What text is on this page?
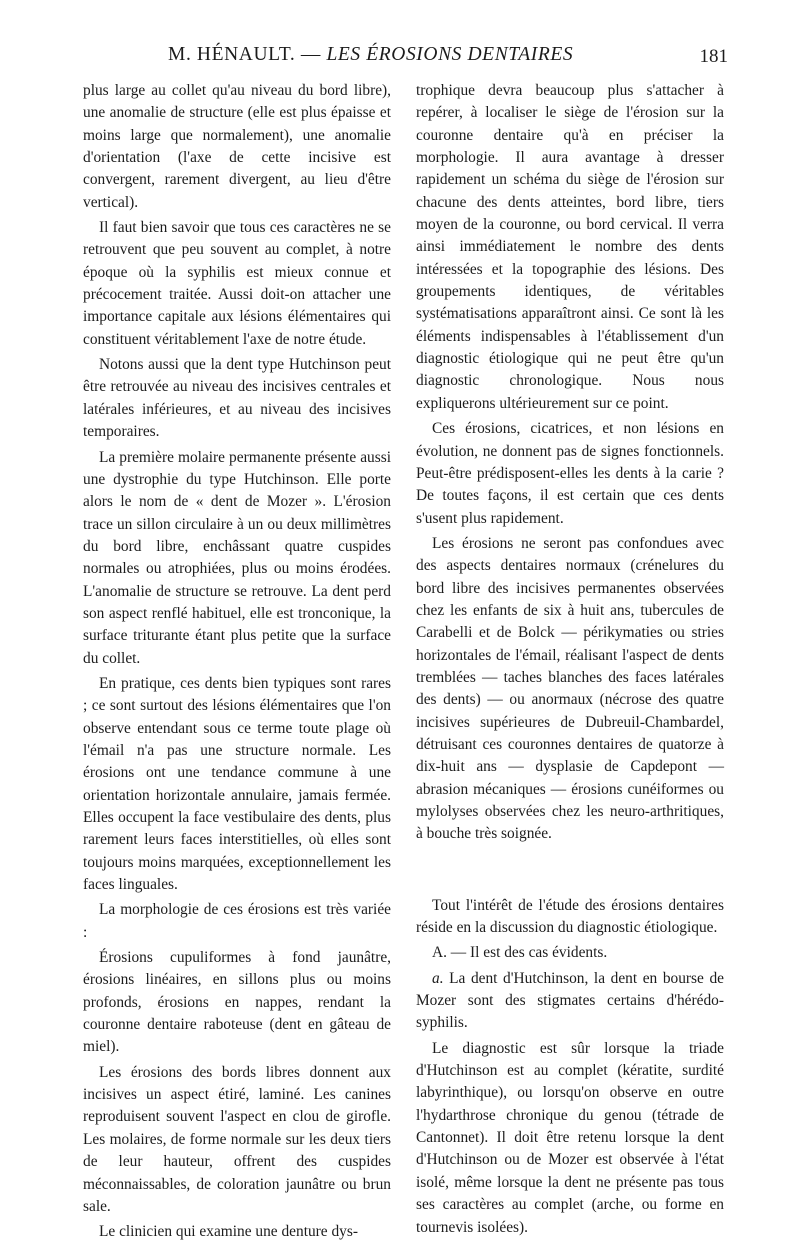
M. HÉNAULT. — LES ÉROSIONS DENTAIRES	181

plus large au collet qu'au niveau du bord libre), une anomalie de structure (elle est plus épaisse et moins large que normalement), une anomalie d'orientation (l'axe de cette incisive est convergent, rarement divergent, au lieu d'être vertical).

Il faut bien savoir que tous ces caractères ne se retrouvent que peu souvent au complet, à notre époque où la syphilis est mieux connue et précocement traitée. Aussi doit-on attacher une importance capitale aux lésions élémentaires qui constituent véritablement l'axe de notre étude.

Notons aussi que la dent type Hutchinson peut être retrouvée au niveau des incisives centrales et latérales inférieures, et au niveau des incisives temporaires.

La première molaire permanente présente aussi une dystrophie du type Hutchinson. Elle porte alors le nom de « dent de Mozer ». L'érosion trace un sillon circulaire à un ou deux millimètres du bord libre, enchâssant quatre cuspides normales ou atrophiées, plus ou moins érodées. L'anomalie de structure se retrouve. La dent perd son aspect renflé habituel, elle est tronconique, la surface triturante étant plus petite que la surface du collet.

En pratique, ces dents bien typiques sont rares ; ce sont surtout des lésions élémentaires que l'on observe entendant sous ce terme toute plage où l'émail n'a pas une structure normale. Les érosions ont une tendance commune à une orientation horizontale annulaire, jamais fermée. Elles occupent la face vestibulaire des dents, plus rarement leurs faces interstitielles, où elles sont toujours moins marquées, exceptionnellement les faces linguales.

La morphologie de ces érosions est très variée :

Érosions cupuliformes à fond jaunâtre, érosions linéaires, en sillons plus ou moins profonds, érosions en nappes, rendant la couronne dentaire raboteuse (dent en gâteau de miel).

Les érosions des bords libres donnent aux incisives un aspect étiré, laminé. Les canines reproduisent souvent l'aspect en clou de girofle. Les molaires, de forme normale sur les deux tiers de leur hauteur, offrent des cuspides méconnaissables, de coloration jaunâtre ou brun sale.

Le clinicien qui examine une denture dys-

trophique devra beaucoup plus s'attacher à repérer, à localiser le siège de l'érosion sur la couronne dentaire qu'à en préciser la morphologie. Il aura avantage à dresser rapidement un schéma du siège de l'érosion sur chacune des dents atteintes, bord libre, tiers moyen de la couronne, ou bord cervical. Il verra ainsi immédiatement le nombre des dents intéressées et la topographie des lésions. Des groupements identiques, de véritables systématisations apparaîtront ainsi. Ce sont là les éléments indispensables à l'établissement d'un diagnostic étiologique qui ne peut être qu'un diagnostic chronologique. Nous nous expliquerons ultérieurement sur ce point.

Ces érosions, cicatrices, et non lésions en évolution, ne donnent pas de signes fonctionnels. Peut-être prédisposent-elles les dents à la carie ? De toutes façons, il est certain que ces dents s'usent plus rapidement.

Les érosions ne seront pas confondues avec des aspects dentaires normaux (crénelures du bord libre des incisives permanentes observées chez les enfants de six à huit ans, tubercules de Carabelli et de Bolck — périkymaties ou stries horizontales de l'émail, réalisant l'aspect de dents tremblées — taches blanches des faces latérales des dents) — ou anormaux (nécrose des quatre incisives supérieures de Dubreuil-Chambardel, détruisant ces couronnes dentaires de quatorze à dix-huit ans — dysplasie de Capdepont — abrasion mécaniques — érosions cunéiformes ou mylolyses observées chez les neuro-arthritiques, à bouche très soignée.

Tout l'intérêt de l'étude des érosions dentaires réside en la discussion du diagnostic étiologique.

A. — Il est des cas évidents.

a. La dent d'Hutchinson, la dent en bourse de Mozer sont des stigmates certains d'hérédo-syphilis.

Le diagnostic est sûr lorsque la triade d'Hutchinson est au complet (kératite, surdité labyrinthique), ou lorsqu'on observe en outre l'hydarthrose chronique du genou (tétrade de Cantonnet). Il doit être retenu lorsque la dent d'Hutchinson ou de Mozer est observée à l'état isolé, même lorsque la dent ne présente pas tous ses caractères au complet (arche, ou forme en tournevis isolées).
